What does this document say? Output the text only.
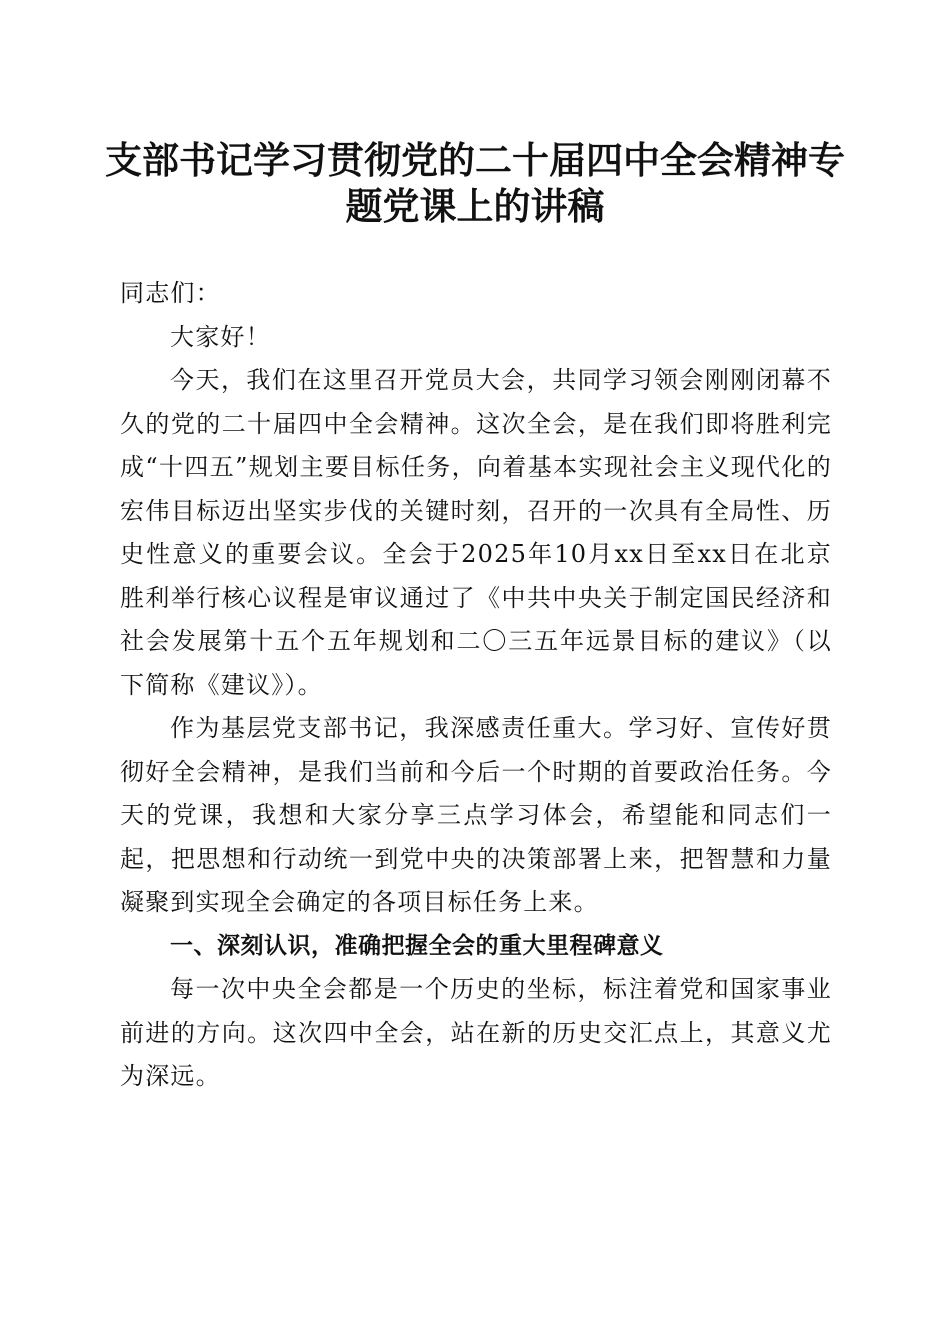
支部书记学习贯彻党的二十届四中全会精神专
题党课上的讲稿

同志们：

大家好！

今天，我们在这里召开党员大会，共同学习领会刚刚闭幕不久的党的二十届四中全会精神。这次全会，是在我们即将胜利完成“十四五”规划主要目标任务，向着基本实现社会主义现代化的宏伟目标迈出坚实步伐的关键时刻，召开的一次具有全局性、历史性意义的重要会议。全会于2025年10月xx日至xx日在北京胜利举行核心议程是审议通过了《中共中央关于制定国民经济和社会发展第十五个五年规划和二〇三五年远景目标的建议》（以下简称《建议》）。

作为基层党支部书记，我深感责任重大。学习好、宣传好贯彻好全会精神，是我们当前和今后一个时期的首要政治任务。今天的党课，我想和大家分享三点学习体会，希望能和同志们一起，把思想和行动统一到党中央的决策部署上来，把智慧和力量凝聚到实现全会确定的各项目标任务上来。

一、深刻认识，准确把握全会的重大里程碑意义

每一次中央全会都是一个历史的坐标，标注着党和国家事业前进的方向。这次四中全会，站在新的历史交汇点上，其意义尤为深远。
